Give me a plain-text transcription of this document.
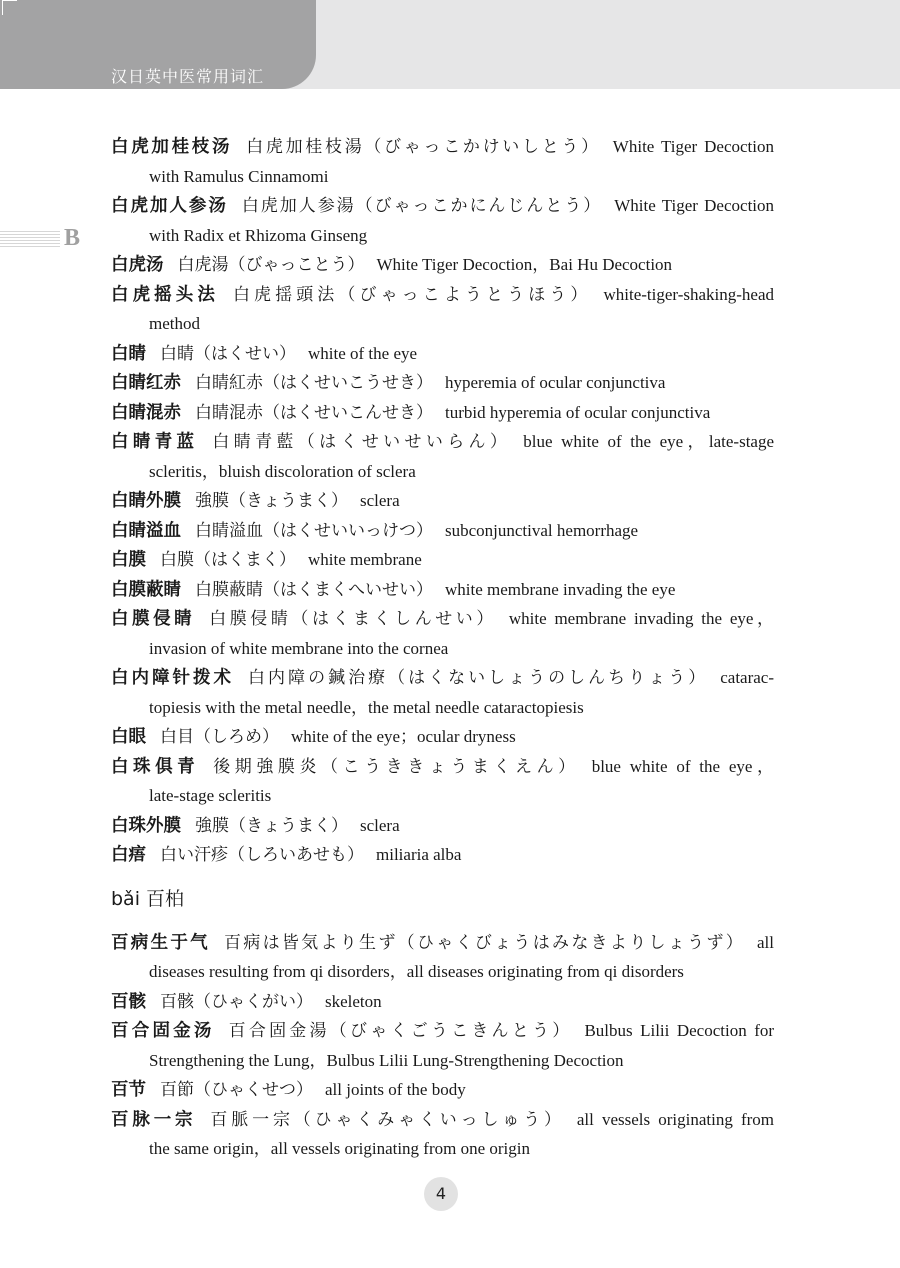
汉日英中医常用词汇
B
白虎加桂枝汤 白虎加桂枝湯（びゃっこかけいしとう） White Tiger Decoction
with Ramulus Cinnamomi
白虎加人参汤 白虎加人参湯（びゃっこかにんじんとう） White Tiger Decoction
with Radix et Rhizoma Ginseng
白虎汤 白虎湯（びゃっことう） White Tiger Decoction，Bai Hu Decoction
白虎摇头法 白虎揺頭法（びゃっこようとうほう） white-tiger-shaking-head
method
白睛 白睛（はくせい） white of the eye
白睛红赤 白睛紅赤（はくせいこうせき） hyperemia of ocular conjunctiva
白睛混赤 白睛混赤（はくせいこんせき） turbid hyperemia of ocular conjunctiva
白睛青蓝 白睛青藍（はくせいせいらん） blue white of the eye，late-stage
scleritis，bluish discoloration of sclera
白睛外膜 強膜（きょうまく） sclera
白睛溢血 白睛溢血（はくせいいっけつ） subconjunctival hemorrhage
白膜 白膜（はくまく） white membrane
白膜蔽睛 白膜蔽睛（はくまくへいせい） white membrane invading the eye
白膜侵睛 白膜侵睛（はくまくしんせい） white membrane invading the eye，
invasion of white membrane into the cornea
白内障针拨术 白内障の鍼治療（はくないしょうのしんちりょう） catarac-
topiesis with the metal needle，the metal needle cataractopiesis
白眼 白目（しろめ） white of the eye；ocular dryness
白珠俱青 後期強膜炎（こうききょうまくえん） blue white of the eye，
late-stage scleritis
白珠外膜 強膜（きょうまく） sclera
白痦 白い汗疹（しろいあせも） miliaria alba
bǎi 百柏
百病生于气 百病は皆気より生ず（ひゃくびょうはみなきよりしょうず） all
diseases resulting from qi disorders，all diseases originating from qi disorders
百骸 百骸（ひゃくがい） skeleton
百合固金汤 百合固金湯（びゃくごうこきんとう） Bulbus Lilii Decoction for
Strengthening the Lung，Bulbus Lilii Lung-Strengthening Decoction
百节 百節（ひゃくせつ） all joints of the body
百脉一宗 百脈一宗（ひゃくみゃくいっしゅう） all vessels originating from
the same origin，all vessels originating from one origin
4
